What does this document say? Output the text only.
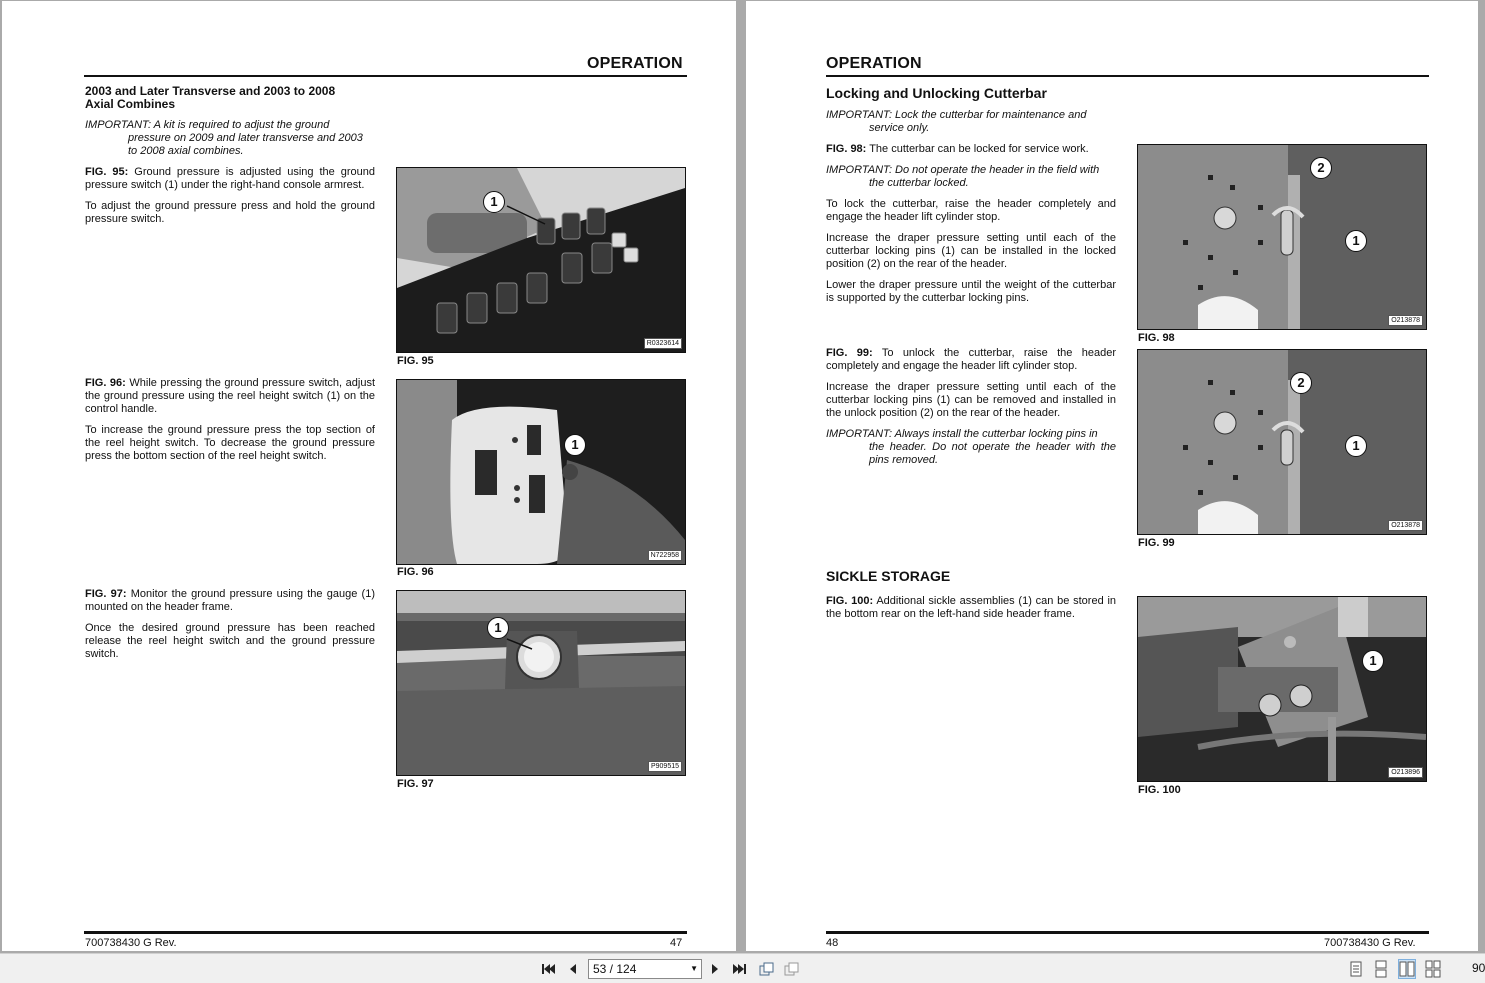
OPERATION
2003 and Later Transverse and 2003 to 2008
Axial Combines
IMPORTANT: A kit is required to adjust the ground
pressure on 2009 and later transverse and 2003
to 2008 axial combines.

FIG. 95: Ground pressure is adjusted using the ground pressure switch (1) under the right-hand console armrest.

To adjust the ground pressure press and hold the ground pressure switch.

R0323614
1
FIG. 95

FIG. 96: While pressing the ground pressure switch, adjust the ground pressure using the reel height switch (1) on the control handle.

To increase the ground pressure press the top section of the reel height switch. To decrease the ground pressure press the bottom section of the reel height switch.

N722958
1
FIG. 96

FIG. 97: Monitor the ground pressure using the gauge (1) mounted on the header frame.

Once the desired ground pressure has been reached release the reel height switch and the ground pressure switch.

P909515
1
FIG. 97
700738430 G Rev.	47
OPERATION
Locking and Unlocking Cutterbar
IMPORTANT: Lock the cutterbar for maintenance and
service only.

FIG. 98: The cutterbar can be locked for service work.

IMPORTANT: Do not operate the header in the field with
the cutterbar locked.

To lock the cutterbar, raise the header completely and engage the header lift cylinder stop.

Increase the draper pressure setting until each of the cutterbar locking pins (1) can be installed in the locked position (2) on the rear of the header.

Lower the draper pressure until the weight of the cutterbar is supported by the cutterbar locking pins.

O213878
2
1
FIG. 98

FIG. 99: To unlock the cutterbar, raise the header completely and engage the header lift cylinder stop.

Increase the draper pressure setting until each of the cutterbar locking pins (1) can be removed and installed in the unlock position (2) on the rear of the header.

IMPORTANT: Always install the cutterbar locking pins in
the header. Do not operate the header with the pins removed.
O213878
2
1
FIG. 99
SICKLE STORAGE

FIG. 100: Additional sickle assemblies (1) can be stored in the bottom rear on the left-hand side header frame.

O213896
1
FIG. 100
48	700738430 G Rev.
53 / 124	▼	90
